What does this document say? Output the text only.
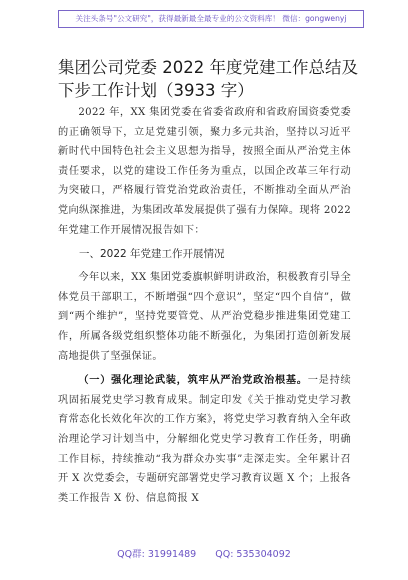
关注头条号"公文研究"，获得最新最全最专业的公文资料库！ 微信：gongwenyj
集团公司党委 2022 年度党建工作总结及下步工作计划（3933 字）

2022 年，XX 集团党委在省委省政府和省政府国资委党委的正确领导下，立足党建引领，聚力多元共治，坚持以习近平新时代中国特色社会主义思想为指导，按照全面从严治党主体责任要求，以党的建设工作任务为重点，以国企改革三年行动为突破口，严格履行管党治党政治责任，不断推动全面从严治党向纵深推进，为集团改革发展提供了强有力保障。现将 2022 年党建工作开展情况报告如下：

一、2022 年党建工作开展情况

今年以来，XX 集团党委旗帜鲜明讲政治，积极教育引导全体党员干部职工，不断增强“四个意识”，坚定“四个自信”，做到“两个维护”，坚持党要管党、从严治党稳步推进集团党建工作，所属各级党组织整体功能不断强化，为集团打造创新发展高地提供了坚强保证。

（一）强化理论武装，筑牢从严治党政治根基。一是持续巩固拓展党史学习教育成果。制定印发《关于推动党史学习教育常态化长效化年次的工作方案》，将党史学习教育纳入全年政治理论学习计划当中，分解细化党史学习教育工作任务，明确工作目标，持续推动“我为群众办实事”走深走实。全年累计召开 X 次党委会，专题研究部署党史学习教育议题 X 个；上报各类工作报告 X 份、信息简报 X

QQ群: 31991489 QQ: 535304092
